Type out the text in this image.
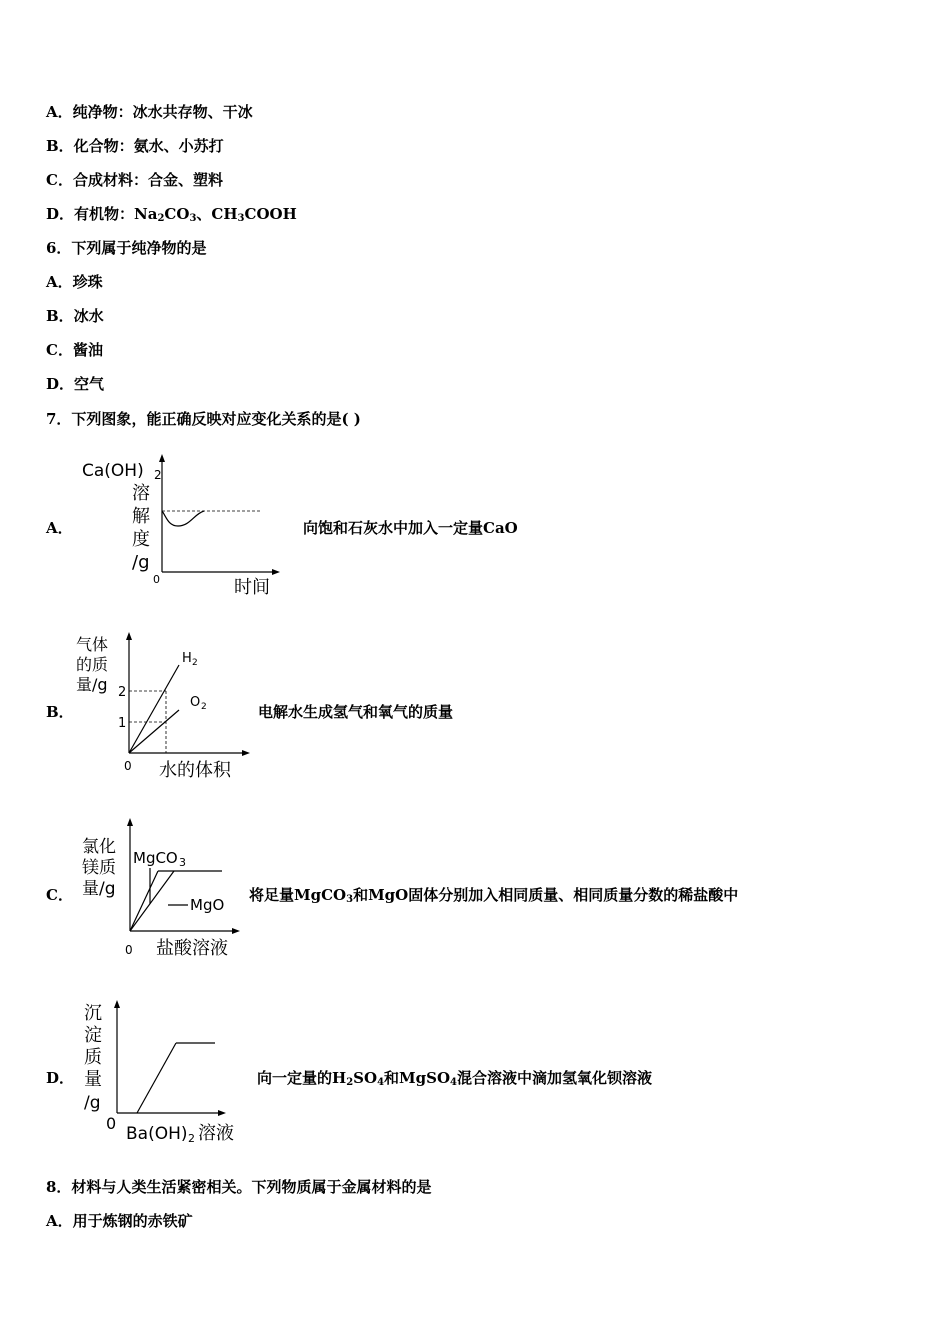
A．纯净物：冰水共存物、干冰
B．化合物：氨水、小苏打
C．合成材料：合金、塑料
D．有机物：$Na_2CO_3$、$CH_3COOH$
6．下列属于纯净物的是
A．珍珠
B．冰水
C．酱油
D．空气
7．下列图象，能正确反映对应变化关系的是( )
A．
Ca(OH) 2
溶
解
度
/g
0	时间
向饱和石灰水中加入一定量CaO
B．
气体
的质
量/g 2
1
H 2
O 2
0 水的体积
电解水生成氢气和氧气的质量
C．
氯化
镁质
量/g
MgCO 3
MgO
0 盐酸溶液
将足量MgCO$_3$和MgO固体分别加入相同质量、相同质量分数的稀盐酸中
D．
沉
淀
质
量
/g
0
Ba(OH) 2 溶液
向一定量的$H_2SO_4$和MgSO$_4$混合溶液中滴加氢氧化钡溶液
8．材料与人类生活紧密相关。下列物质属于金属材料的是
A．用于炼钢的赤铁矿
